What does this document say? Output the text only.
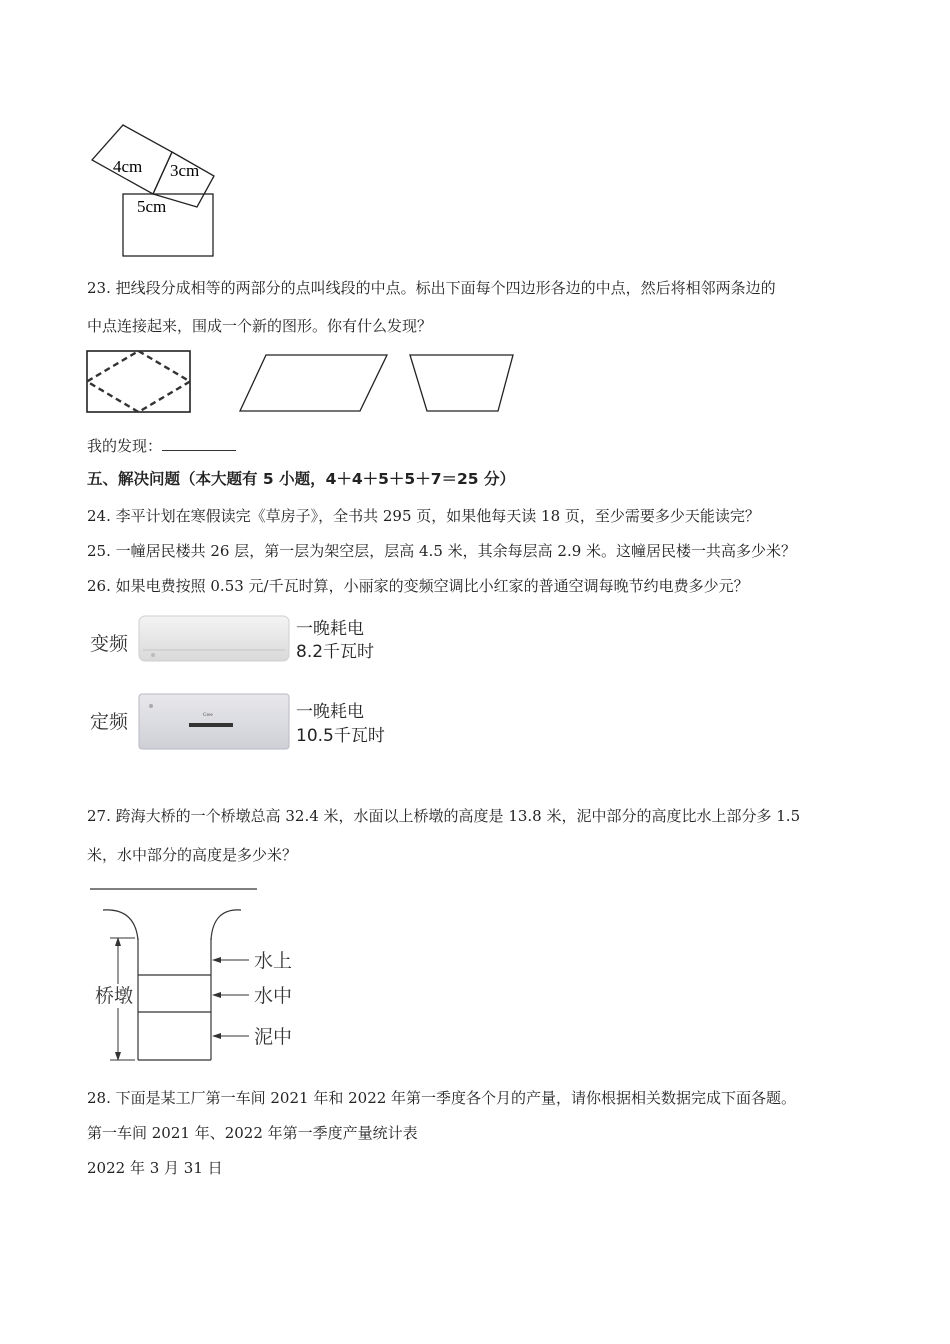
4cm 3cm
5cm
23. 把线段分成相等的两部分的点叫线段的中点。标出下面每个四边形各边的中点，然后将相邻两条边的
中点连接起来，围成一个新的图形。你有什么发现？
我的发现：
五、解决问题（本大题有 5 小题，4＋4＋5＋5＋7＝25 分）
24. 李平计划在寒假读完《草房子》，全书共 295 页，如果他每天读 18 页，至少需要多少天能读完？
25. 一幢居民楼共 26 层，第一层为架空层，层高 4.5 米，其余每层高 2.9 米。这幢居民楼一共高多少米？
26. 如果电费按照 0.53 元/千瓦时算，小丽家的变频空调比小红家的普通空调每晚节约电费多少元？
变频
一晚耗电
8.2千瓦时
定频	Gree	一晚耗电
10.5千瓦时
27. 跨海大桥的一个桥墩总高 32.4 米，水面以上桥墩的高度是 13.8 米，泥中部分的高度比水上部分多 1.5
米，水中部分的高度是多少米？
桥墩
水上
水中
泥中
28. 下面是某工厂第一车间 2021 年和 2022 年第一季度各个月的产量，请你根据相关数据完成下面各题。
第一车间 2021 年、2022 年第一季度产量统计表
2022 年 3 月 31 日
